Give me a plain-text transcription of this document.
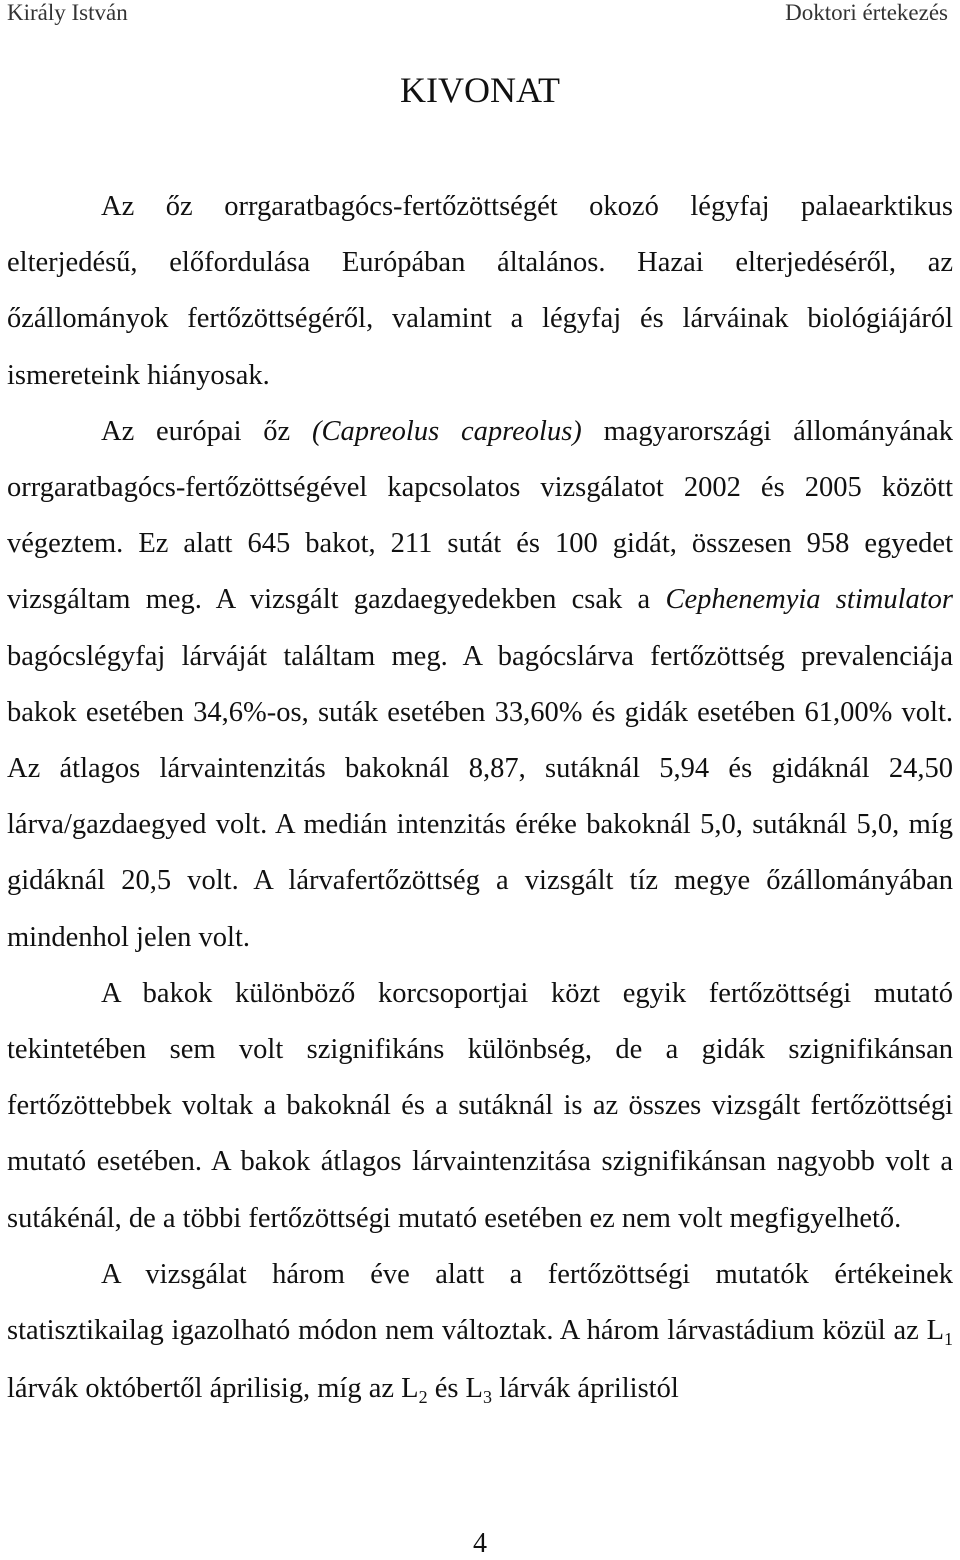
Király István	Doktori értekezés
KIVONAT

Az őz orrgaratbagócs-fertőzöttségét okozó légyfaj palaearktikus elterjedésű, előfordulása Európában általános. Hazai elterjedéséről, az őzállományok fertőzöttségéről, valamint a légyfaj és lárváinak biológiájáról ismereteink hiányosak.

Az európai őz (Capreolus capreolus) magyarországi állományának orrgaratbagócs-fertőzöttségével kapcsolatos vizsgálatot 2002 és 2005 között végeztem. Ez alatt 645 bakot, 211 sutát és 100 gidát, összesen 958 egyedet vizsgáltam meg. A vizsgált gazdaegyedekben csak a Cephenemyia stimulator bagócslégyfaj lárváját találtam meg. A bagócslárva fertőzöttség prevalenciája bakok esetében 34,6%-os, suták esetében 33,60% és gidák esetében 61,00% volt. Az átlagos lárvaintenzitás bakoknál 8,87, sutáknál 5,94 és gidáknál 24,50 lárva/gazdaegyed volt. A medián intenzitás éréke bakoknál 5,0, sutáknál 5,0, míg gidáknál 20,5 volt. A lárvafertőzöttség a vizsgált tíz megye őzállományában mindenhol jelen volt.

A bakok különböző korcsoportjai közt egyik fertőzöttségi mutató tekintetében sem volt szignifikáns különbség, de a gidák szignifikánsan fertőzöttebbek voltak a bakoknál és a sutáknál is az összes vizsgált fertőzöttségi mutató esetében. A bakok átlagos lárvaintenzitása szignifikánsan nagyobb volt a sutákénál, de a többi fertőzöttségi mutató esetében ez nem volt megfigyelhető.

A vizsgálat három éve alatt a fertőzöttségi mutatók értékeinek statisztikailag igazolható módon nem változtak. A három lárvastádium közül az $L_1$ lárvák októbertől áprilisig, míg az $L_2$ és $L_3$ lárvák áprilistól

4
